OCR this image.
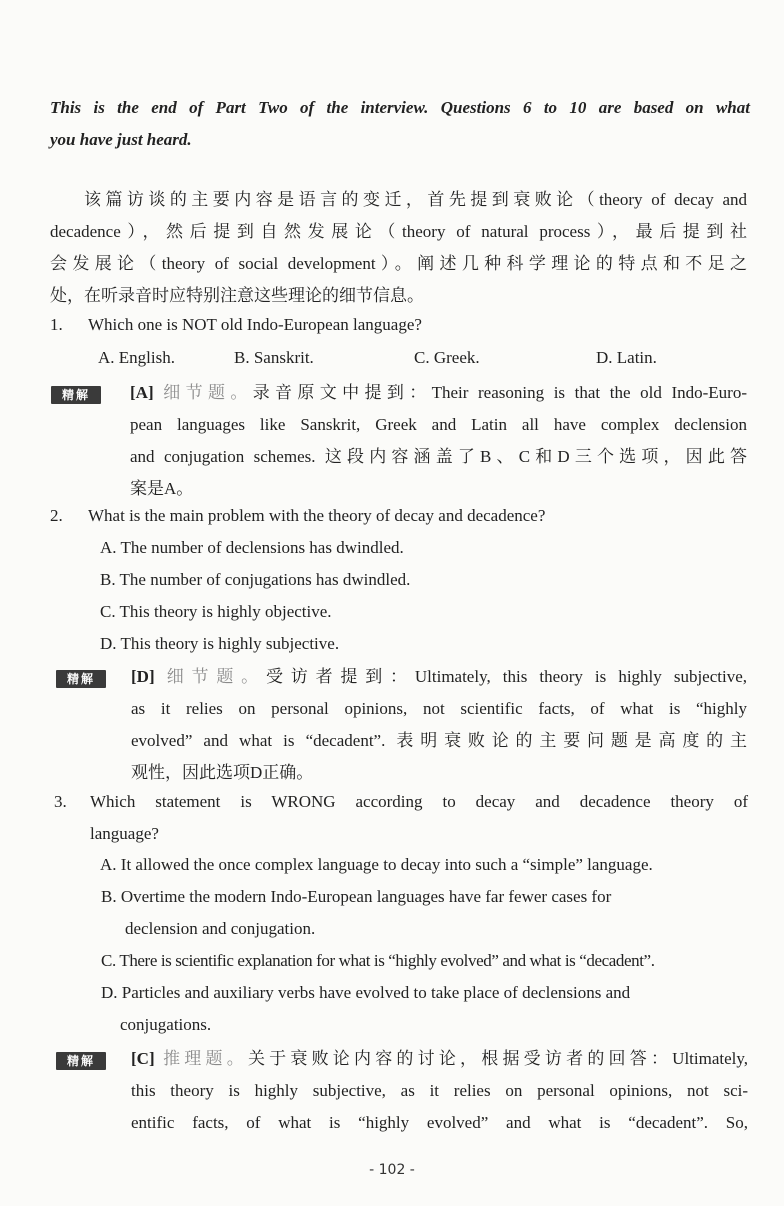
This is the end of Part Two of the interview. Questions 6 to 10 are based on what
you have just heard.
该篇访谈的主要内容是语言的变迁，首先提到衰败论（theory of decay and
decadence），然后提到自然发展论（theory of natural process），最后提到社
会发展论（theory of social development）。阐述几种科学理论的特点和不足之
处，在听录音时应特别注意这些理论的细节信息。
1. Which one is NOT old Indo-European language?
A. English.	B. Sanskrit.	C. Greek.	D. Latin.
精解	[A] 细节题。录音原文中提到：Their reasoning is that the old Indo-Euro-
pean languages like Sanskrit, Greek and Latin all have complex declension
and conjugation schemes. 这段内容涵盖了B、C和D三个选项，因此答
案是A。
2. What is the main problem with the theory of decay and decadence?
A. The number of declensions has dwindled.
B. The number of conjugations has dwindled.
C. This theory is highly objective.
D. This theory is highly subjective.
精解	[D] 细节题。受访者提到：Ultimately, this theory is highly subjective,
as it relies on personal opinions, not scientific facts, of what is “highly
evolved” and what is “decadent”. 表明衰败论的主要问题是高度的主
观性，因此选项D正确。
3. Which statement is WRONG according to decay and decadence theory of
language?
A. It allowed the once complex language to decay into such a “simple” language.
B. Overtime the modern Indo-European languages have far fewer cases for
declension and conjugation.
C. There is scientific explanation for what is “highly evolved” and what is “decadent”.
D. Particles and auxiliary verbs have evolved to take place of declensions and
conjugations.
精解	[C] 推理题。关于衰败论内容的讨论，根据受访者的回答：Ultimately,
this theory is highly subjective, as it relies on personal opinions, not sci-
entific facts, of what is “highly evolved” and what is “decadent”. So,
- 102 -
